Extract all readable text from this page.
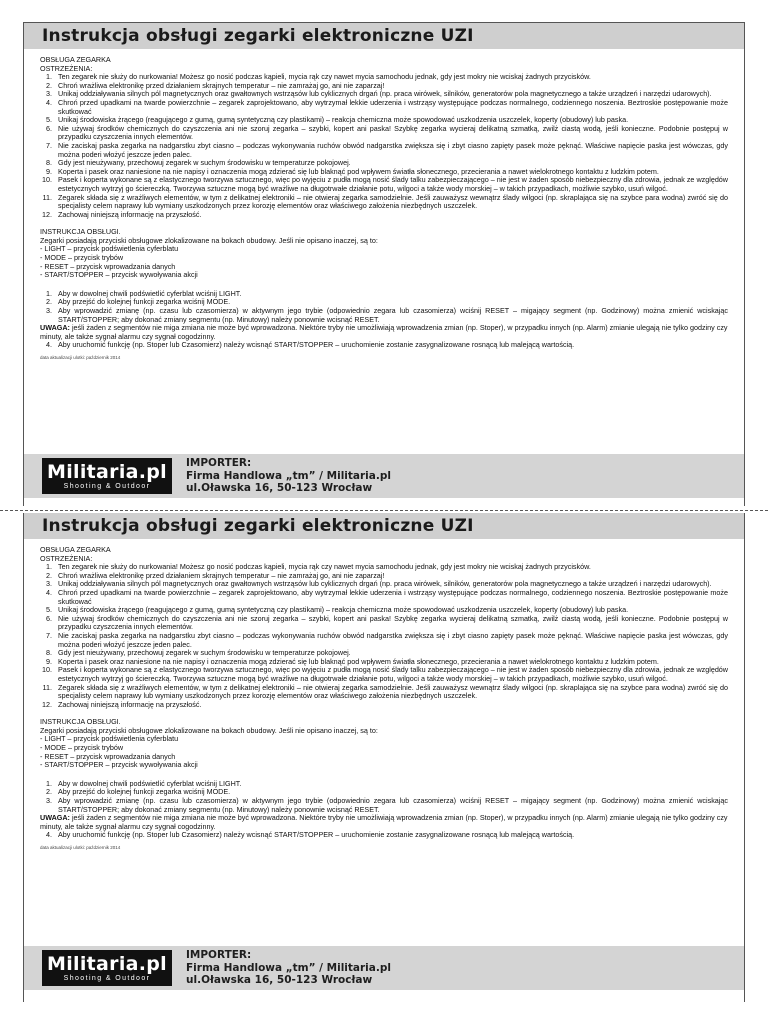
Instrukcja obsługi zegarki elektroniczne UZI
OBSŁUGA ZEGARKA
OSTRZEŻENIA:
1. Ten zegarek nie służy do nurkowania! Możesz go nosić podczas kąpieli, mycia rąk czy nawet mycia samochodu jednak, gdy jest mokry nie wciskaj żadnych przycisków.
2. Chroń wrażliwa elektronikę przed działaniem skrajnych temperatur – nie zamrażaj go, ani nie zaparzaj!
3. Unikaj oddziaływania silnych pól magnetycznych oraz gwałtownych wstrząsów lub cyklicznych drgań (np. praca wirówek, silników, generatorów pola magnetycznego a także urządzeń i narzędzi udarowych).
4. Chroń przed upadkami na twarde powierzchnie – zegarek zaprojektowano, aby wytrzymał lekkie uderzenia i wstrząsy występujące podczas normalnego, codziennego noszenia. Beztroskie postępowanie może skutkować
5. Unikaj środowiska żrącego (reagującego z gumą, gumą syntetyczną czy plastikami) – reakcja chemiczna może spowodować uszkodzenia uszczelek, koperty (obudowy) lub paska.
6. Nie używaj środków chemicznych do czyszczenia ani nie szoruj zegarka – szybki, kopert ani paska! Szybkę zegarka wycieraj delikatną szmatką, zwilż ciastą wodą, jeśli konieczne. Podobnie postępuj w przypadku czyszczenia innych elementów.
7. Nie zaciskaj paska zegarka na nadgarstku zbyt ciasno – podczas wykonywania ruchów obwód nadgarstka zwiększa się i zbyt ciasno zapięty pasek może pęknąć. Właściwe napięcie paska jest wówczas, gdy można poderi włożyć jeszcze jeden palec.
8. Gdy jest nieużywany, przechowuj zegarek w suchym środowisku w temperaturze pokojowej.
9. Koperta i pasek oraz naniesione na nie napisy i oznaczenia mogą zdzierać się lub blaknąć pod wpływem światła słonecznego, przecierania a nawet wielokrotnego kontaktu z ludzkim potem.
10. Pasek i koperta wykonane są z elastycznego tworzywa sztucznego, więc po wyjęciu z pudła mogą nosić ślady talku zabezpieczającego – nie jest w żaden sposób niebezpieczny dla zdrowia, jednak ze względów estetycznych wytrzyj go ściereczką. Tworzywa sztuczne mogą być wrażliwe na długotrwałe działanie potu, wilgoci a także wody morskiej – w takich przypadkach, możliwie szybko, usuń wilgoć.
11. Zegarek składa się z wrażliwych elementów, w tym z delikatnej elektroniki – nie otwieraj zegarka samodzielnie. Jeśli zauważysz wewnątrz ślady wilgoci (np. skraplająca się na szybce para wodna) zwróć się do specjalisty celem naprawy lub wymiany uszkodzonych przez korozję elementów oraz właściwego założenia niezbędnych uszczelek.
12. Zachowaj niniejszą informację na przyszłość.
INSTRUKCJA OBSŁUGI.
Zegarki posiadają przyciski obsługowe zlokalizowane na bokach obudowy. Jeśli nie opisano inaczej, są to:
- LIGHT – przycisk podświetlenia cyferblatu
- MODE – przycisk trybów
- RESET – przycisk wprowadzania danych
- START/STOPPER – przycisk wywoływania akcji
1. Aby w dowolnej chwili podświetlić cyferblat wciśnij LIGHT.
2. Aby przejść do kolejnej funkcji zegarka wciśnij MODE.
3. Aby wprowadzić zmianę (np. czasu lub czasomierza) w aktywnym jego trybie (odpowiednio zegara lub czasomierza) wciśnij RESET – migający segment (np. Godzinowy) można zmienić wciskając START/STOPPER; aby dokonać zmiany segmentu (np. Minutowy) należy ponownie wcisnąć RESET.
UWAGA: jeśli żaden z segmentów nie miga zmiana nie może być wprowadzona. Niektóre tryby nie umożliwiają wprowadzenia zmian (np. Stoper), w przypadku innych (np. Alarm) zmianie ulegają nie tylko godziny czy minuty, ale także sygnał alarmu czy sygnał cogodzinny.
4. Aby uruchomić funkcję (np. Stoper lub Czasomierz) należy wcisnąć START/STOPPER – uruchomienie zostanie zasygnalizowane rosnącą lub malejącą wartością.
data aktualizacji ulotki: październik 2014
Militaria.pl
Shooting & Outdoor
IMPORTER:
Firma Handlowa „tm” / Militaria.pl
ul.Oławska 16, 50-123 Wrocław
Instrukcja obsługi zegarki elektroniczne UZI
OBSŁUGA ZEGARKA
OSTRZEŻENIA:
1. Ten zegarek nie służy do nurkowania! Możesz go nosić podczas kąpieli, mycia rąk czy nawet mycia samochodu jednak, gdy jest mokry nie wciskaj żadnych przycisków.
2. Chroń wrażliwa elektronikę przed działaniem skrajnych temperatur – nie zamrażaj go, ani nie zaparzaj!
3. Unikaj oddziaływania silnych pól magnetycznych oraz gwałtownych wstrząsów lub cyklicznych drgań (np. praca wirówek, silników, generatorów pola magnetycznego a także urządzeń i narzędzi udarowych).
4. Chroń przed upadkami na twarde powierzchnie – zegarek zaprojektowano, aby wytrzymał lekkie uderzenia i wstrząsy występujące podczas normalnego, codziennego noszenia. Beztroskie postępowanie może skutkować
5. Unikaj środowiska żrącego (reagującego z gumą, gumą syntetyczną czy plastikami) – reakcja chemiczna może spowodować uszkodzenia uszczelek, koperty (obudowy) lub paska.
6. Nie używaj środków chemicznych do czyszczenia ani nie szoruj zegarka – szybki, kopert ani paska! Szybkę zegarka wycieraj delikatną szmatką, zwilż ciastą wodą, jeśli konieczne. Podobnie postępuj w przypadku czyszczenia innych elementów.
7. Nie zaciskaj paska zegarka na nadgarstku zbyt ciasno – podczas wykonywania ruchów obwód nadgarstka zwiększa się i zbyt ciasno zapięty pasek może pęknąć. Właściwe napięcie paska jest wówczas, gdy można poderi włożyć jeszcze jeden palec.
8. Gdy jest nieużywany, przechowuj zegarek w suchym środowisku w temperaturze pokojowej.
9. Koperta i pasek oraz naniesione na nie napisy i oznaczenia mogą zdzierać się lub blaknąć pod wpływem światła słonecznego, przecierania a nawet wielokrotnego kontaktu z ludzkim potem.
10. Pasek i koperta wykonane są z elastycznego tworzywa sztucznego, więc po wyjęciu z pudła mogą nosić ślady talku zabezpieczającego – nie jest w żaden sposób niebezpieczny dla zdrowia, jednak ze względów estetycznych wytrzyj go ściereczką. Tworzywa sztuczne mogą być wrażliwe na długotrwałe działanie potu, wilgoci a także wody morskiej – w takich przypadkach, możliwie szybko, usuń wilgoć.
11. Zegarek składa się z wrażliwych elementów, w tym z delikatnej elektroniki – nie otwieraj zegarka samodzielnie. Jeśli zauważysz wewnątrz ślady wilgoci (np. skraplająca się na szybce para wodna) zwróć się do specjalisty celem naprawy lub wymiany uszkodzonych przez korozję elementów oraz właściwego założenia niezbędnych uszczelek.
12. Zachowaj niniejszą informację na przyszłość.
INSTRUKCJA OBSŁUGI.
Zegarki posiadają przyciski obsługowe zlokalizowane na bokach obudowy. Jeśli nie opisano inaczej, są to:
- LIGHT – przycisk podświetlenia cyferblatu
- MODE – przycisk trybów
- RESET – przycisk wprowadzania danych
- START/STOPPER – przycisk wywoływania akcji
1. Aby w dowolnej chwili podświetlić cyferblat wciśnij LIGHT.
2. Aby przejść do kolejnej funkcji zegarka wciśnij MODE.
3. Aby wprowadzić zmianę (np. czasu lub czasomierza) w aktywnym jego trybie (odpowiednio zegara lub czasomierza) wciśnij RESET – migający segment (np. Godzinowy) można zmienić wciskając START/STOPPER; aby dokonać zmiany segmentu (np. Minutowy) należy ponownie wcisnąć RESET.
UWAGA: jeśli żaden z segmentów nie miga zmiana nie może być wprowadzona. Niektóre tryby nie umożliwiają wprowadzenia zmian (np. Stoper), w przypadku innych (np. Alarm) zmianie ulegają nie tylko godziny czy minuty, ale także sygnał alarmu czy sygnał cogodzinny.
4. Aby uruchomić funkcję (np. Stoper lub Czasomierz) należy wcisnąć START/STOPPER – uruchomienie zostanie zasygnalizowane rosnącą lub malejącą wartością.
data aktualizacji ulotki: październik 2014
Militaria.pl
Shooting & Outdoor
IMPORTER:
Firma Handlowa „tm” / Militaria.pl
ul.Oławska 16, 50-123 Wrocław
